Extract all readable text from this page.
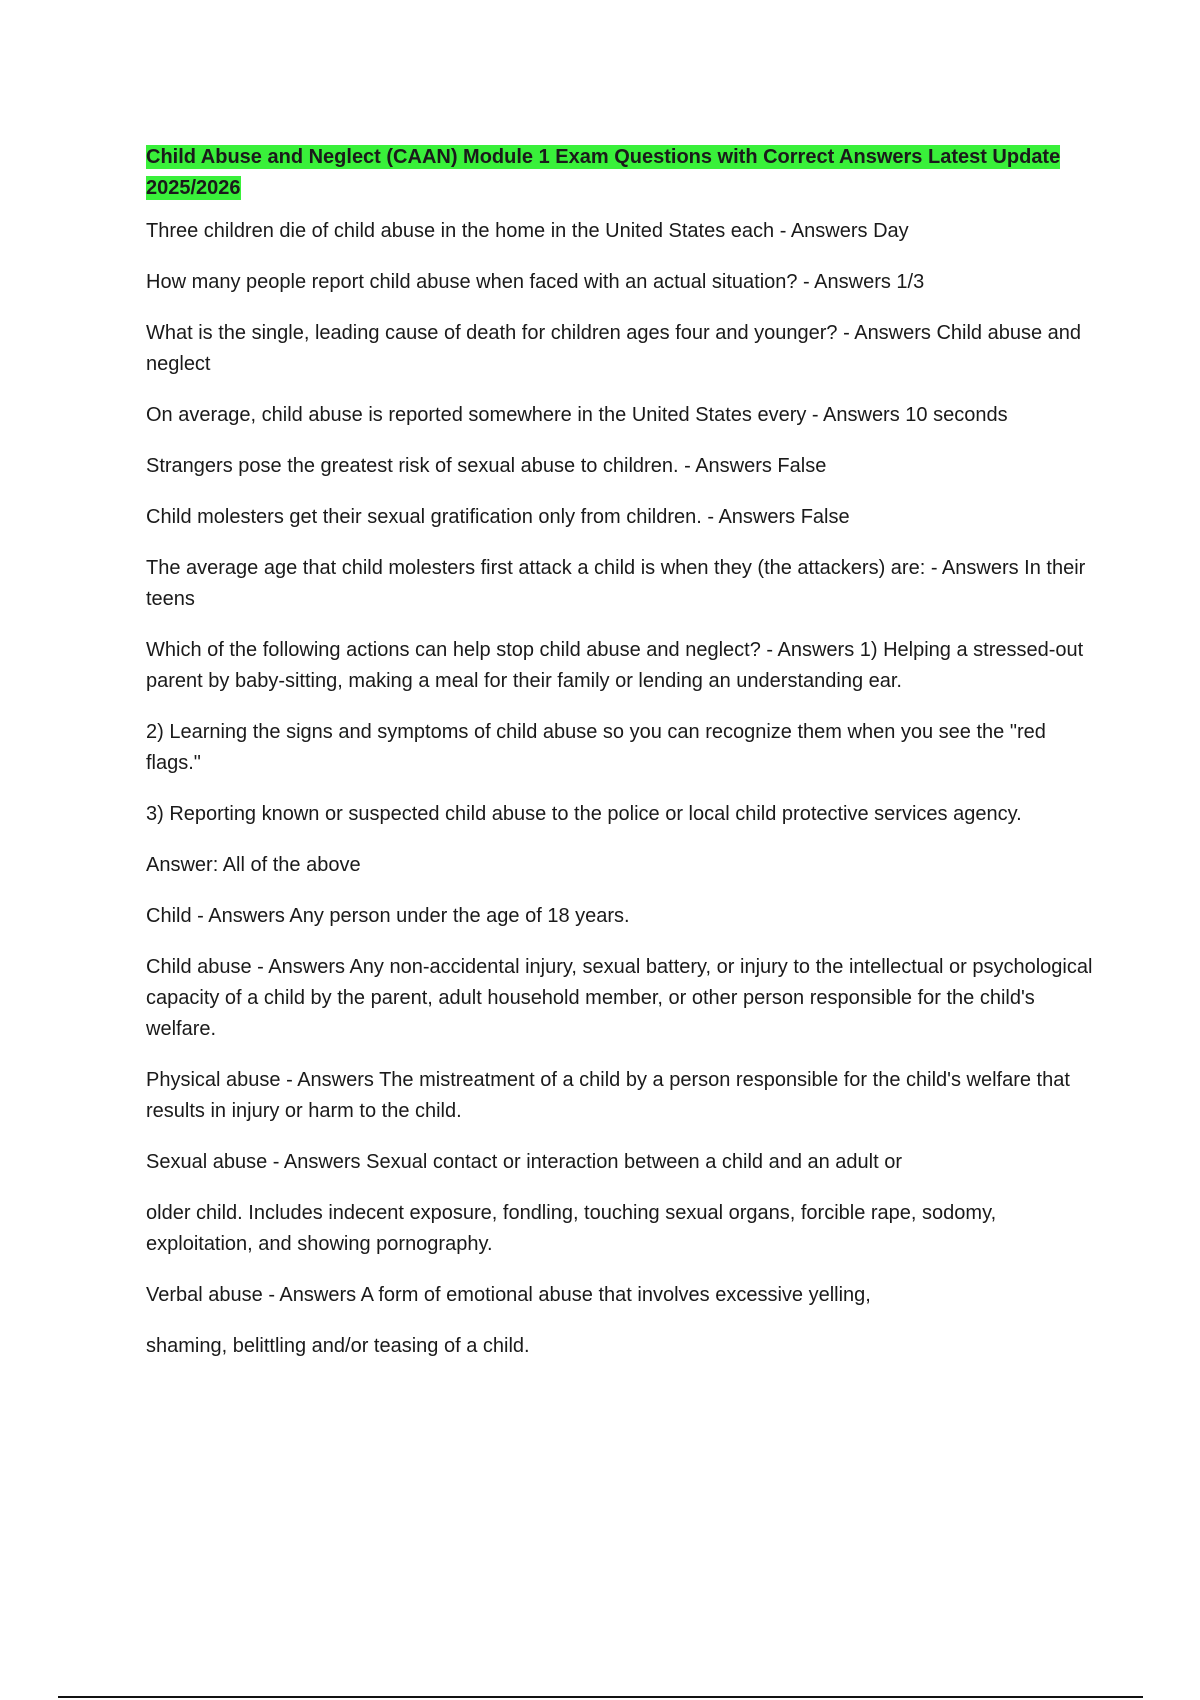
Child Abuse and Neglect (CAAN) Module 1 Exam Questions with Correct Answers Latest Update 2025/2026

Three children die of child abuse in the home in the United States each - Answers Day

How many people report child abuse when faced with an actual situation? - Answers 1/3

What is the single, leading cause of death for children ages four and younger? - Answers Child abuse and neglect

On average, child abuse is reported somewhere in the United States every - Answers 10 seconds

Strangers pose the greatest risk of sexual abuse to children. - Answers False

Child molesters get their sexual gratification only from children. - Answers False

The average age that child molesters first attack a child is when they (the attackers) are: - Answers In their teens

Which of the following actions can help stop child abuse and neglect? - Answers 1) Helping a stressed-out parent by baby-sitting, making a meal for their family or lending an understanding ear.

2) Learning the signs and symptoms of child abuse so you can recognize them when you see the "red flags."

3) Reporting known or suspected child abuse to the police or local child protective services agency.

Answer: All of the above

Child - Answers Any person under the age of 18 years.

Child abuse - Answers Any non-accidental injury, sexual battery, or injury to the intellectual or psychological capacity of a child by the parent, adult household member, or other person responsible for the child's welfare.

Physical abuse - Answers The mistreatment of a child by a person responsible for the child's welfare that results in injury or harm to the child.

Sexual abuse - Answers Sexual contact or interaction between a child and an adult or

older child. Includes indecent exposure, fondling, touching sexual organs, forcible rape, sodomy, exploitation, and showing pornography.

Verbal abuse - Answers A form of emotional abuse that involves excessive yelling,

shaming, belittling and/or teasing of a child.
